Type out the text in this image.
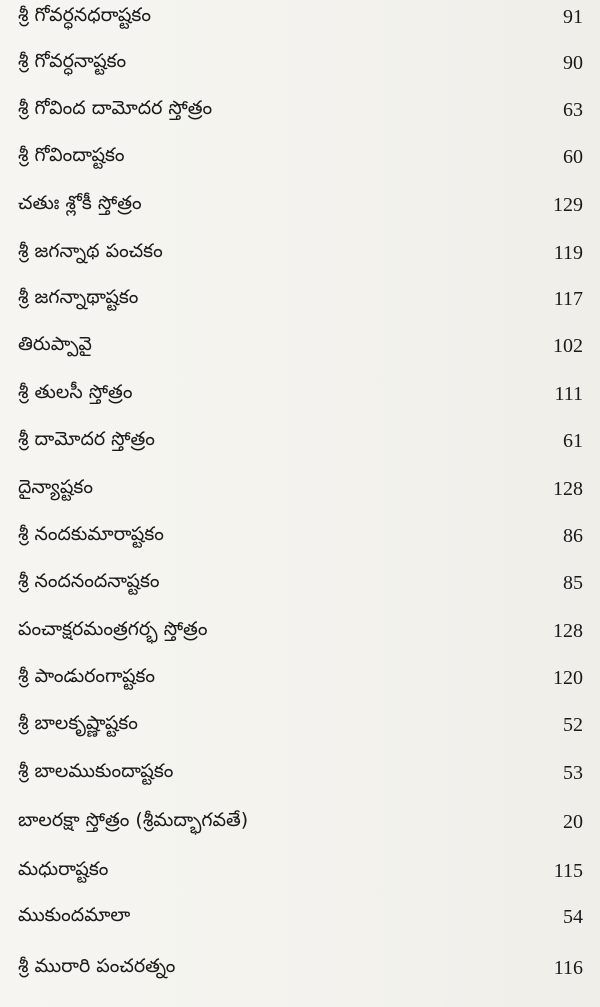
శ్రీ గోవర్ధనధరాష్టకం	91
శ్రీ గోవర్ధనాష్టకం	90
శ్రీ గోవింద దామోదర స్తోత్రం	63
శ్రీ గోవిందాష్టకం	60
చతుః శ్లోకీ స్తోత్రం	129
శ్రీ జగన్నాథ పంచకం	119
శ్రీ జగన్నాథాష్టకం	117
తిరుప్పావై	102
శ్రీ తులసీ స్తోత్రం	111
శ్రీ దామోదర స్తోత్రం	61
దైన్యాష్టకం	128
శ్రీ నందకుమారాష్టకం	86
శ్రీ నందనందనాష్టకం	85
పంచాక్షరమంత్రగర్భ స్తోత్రం	128
శ్రీ పాండురంగాష్టకం	120
శ్రీ బాలకృష్ణాష్టకం	52
శ్రీ బాలముకుందాష్టకం	53
బాలరక్షా స్తోత్రం (శ్రీమద్భాగవతే)	20
మధురాష్టకం	115
ముకుందమాలా	54
శ్రీ మురారి పంచరత్నం	116
